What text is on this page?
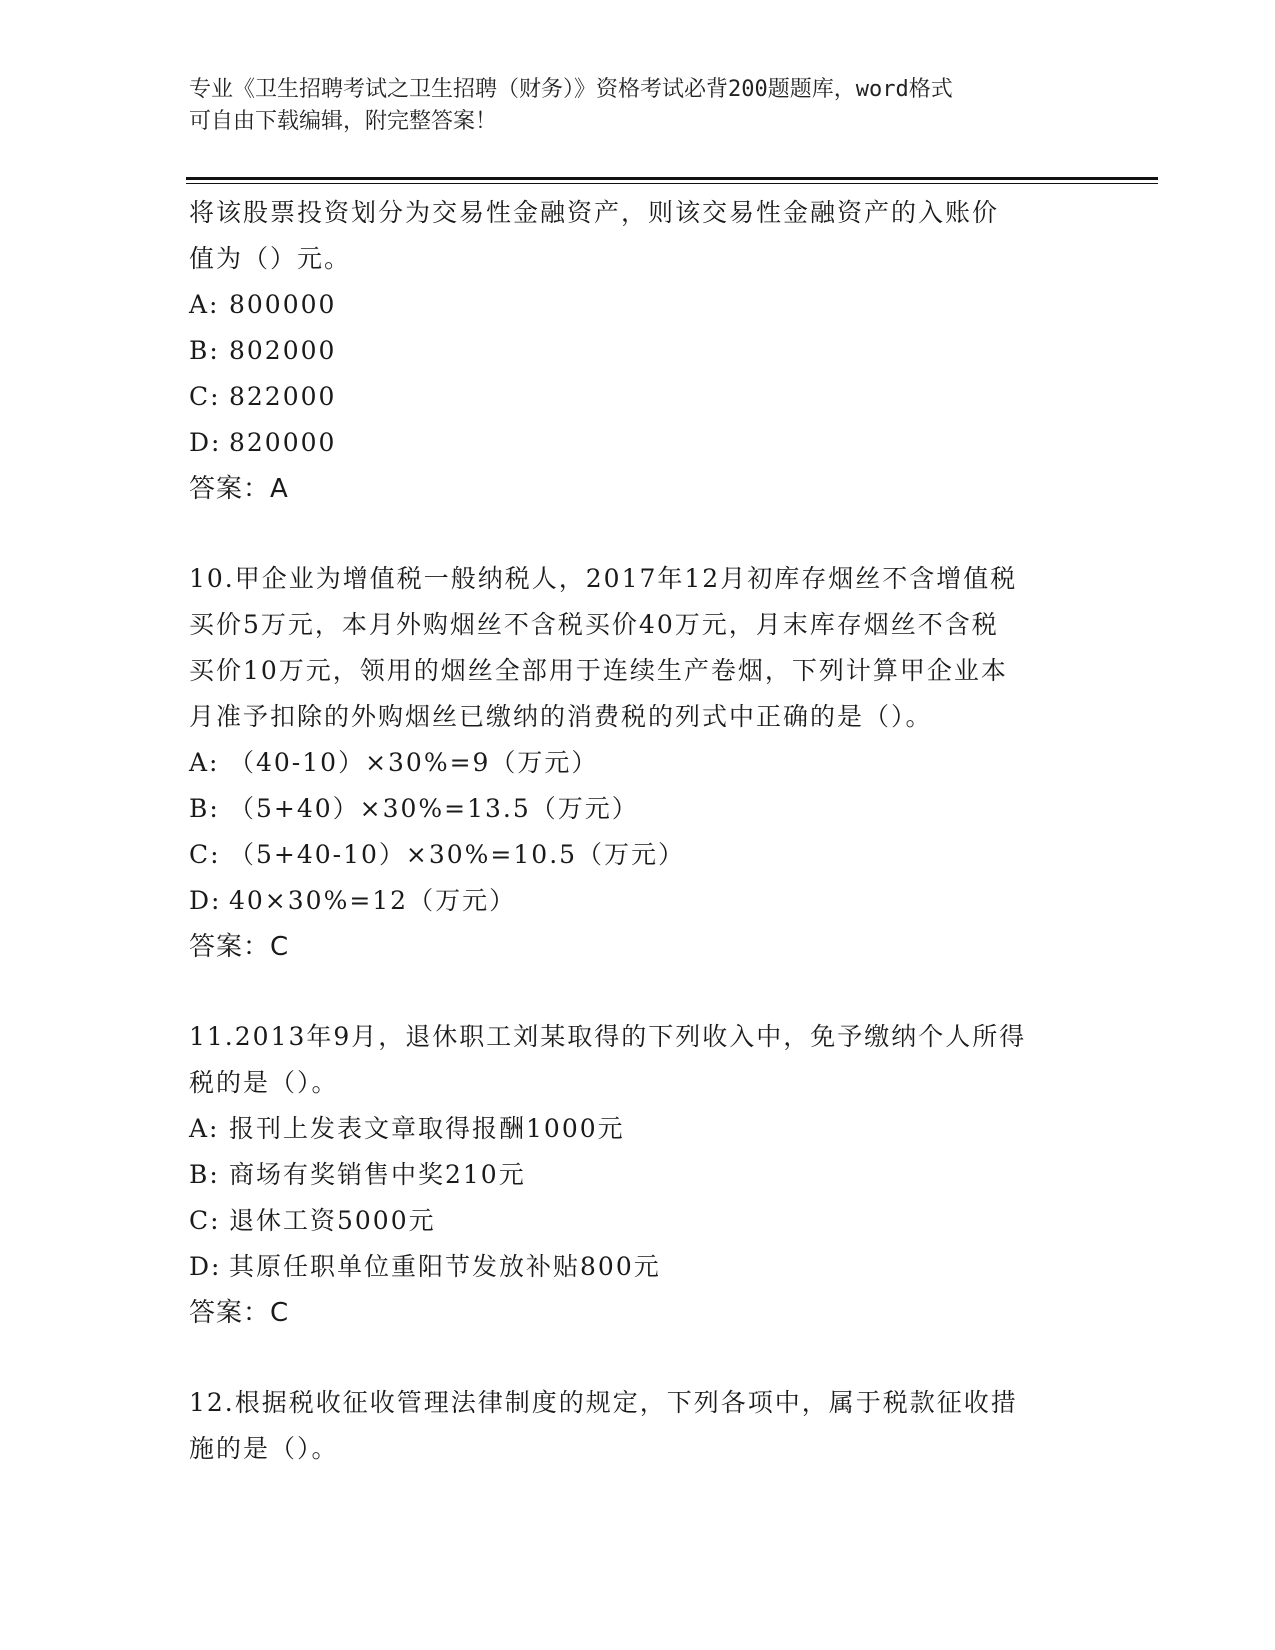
专业《卫生招聘考试之卫生招聘（财务）》资格考试必背200题题库，word格式
可自由下载编辑，附完整答案！
将该股票投资划分为交易性金融资产，则该交易性金融资产的入账价
值为（）元。
A: 800000
B: 802000
C: 822000
D: 820000
答案：A
10.甲企业为增值税一般纳税人，2017年12月初库存烟丝不含增值税
买价5万元，本月外购烟丝不含税买价40万元，月末库存烟丝不含税
买价10万元，领用的烟丝全部用于连续生产卷烟，下列计算甲企业本
月准予扣除的外购烟丝已缴纳的消费税的列式中正确的是（）。
A: （40-10）×30%=9（万元）
B: （5+40）×30%=13.5（万元）
C: （5+40-10）×30%=10.5（万元）
D: 40×30%=12（万元）
答案：C
11.2013年9月，退休职工刘某取得的下列收入中，免予缴纳个人所得
税的是（）。
A: 报刊上发表文章取得报酬1000元
B: 商场有奖销售中奖210元
C: 退休工资5000元
D: 其原任职单位重阳节发放补贴800元
答案：C
12.根据税收征收管理法律制度的规定，下列各项中，属于税款征收措
施的是（）。
